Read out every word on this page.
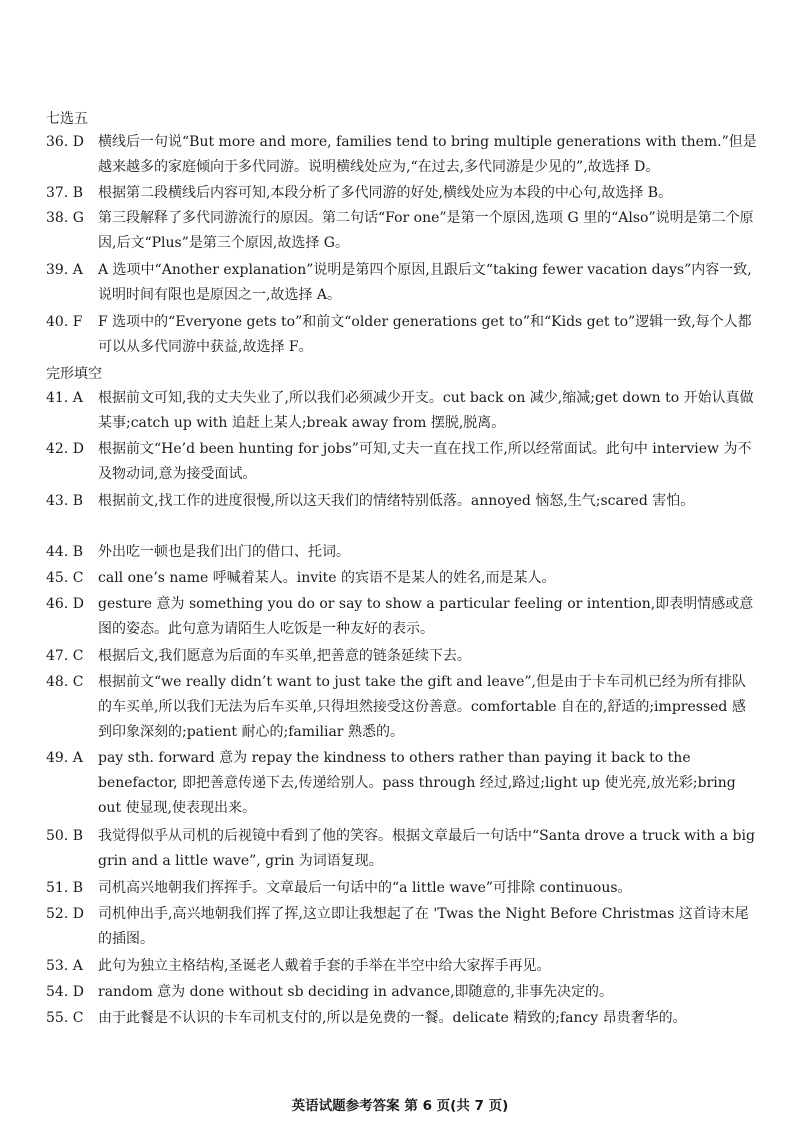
七选五
36. D	横线后一句说“But more and more, families tend to bring multiple generations with them.”但是越来越多的家庭倾向于多代同游。说明横线处应为,“在过去,多代同游是少见的”,故选择 D。
37. B	根据第二段横线后内容可知,本段分析了多代同游的好处,横线处应为本段的中心句,故选择 B。
38. G	第三段解释了多代同游流行的原因。第二句话“For one”是第一个原因,选项 G 里的“Also”说明是第二个原因,后文“Plus”是第三个原因,故选择 G。
39. A	A 选项中“Another explanation”说明是第四个原因,且跟后文“taking fewer vacation days”内容一致,说明时间有限也是原因之一,故选择 A。
40. F	F 选项中的“Everyone gets to”和前文“older generations get to”和“Kids get to”逻辑一致,每个人都可以从多代同游中获益,故选择 F。
完形填空
41. A	根据前文可知,我的丈夫失业了,所以我们必须减少开支。cut back on 减少,缩减;get down to 开始认真做某事;catch up with 追赶上某人;break away from 摆脱,脱离。
42. D	根据前文“He’d been hunting for jobs”可知,丈夫一直在找工作,所以经常面试。此句中 interview 为不及物动词,意为接受面试。
43. B	根据前文,找工作的进度很慢,所以这天我们的情绪特别低落。annoyed 恼怒,生气;scared 害怕。
44. B	外出吃一顿也是我们出门的借口、托词。
45. C	call one’s name 呼喊着某人。invite 的宾语不是某人的姓名,而是某人。
46. D	gesture 意为 something you do or say to show a particular feeling or intention,即表明情感或意图的姿态。此句意为请陌生人吃饭是一种友好的表示。
47. C	根据后文,我们愿意为后面的车买单,把善意的链条延续下去。
48. C	根据前文“we really didn’t want to just take the gift and leave”,但是由于卡车司机已经为所有排队的车买单,所以我们无法为后车买单,只得坦然接受这份善意。comfortable 自在的,舒适的;impressed 感到印象深刻的;patient 耐心的;familiar 熟悉的。
49. A	pay sth. forward 意为 repay the kindness to others rather than paying it back to the benefactor, 即把善意传递下去,传递给别人。pass through 经过,路过;light up 使光亮,放光彩;bring out 使显现,使表现出来。
50. B	我觉得似乎从司机的后视镜中看到了他的笑容。根据文章最后一句话中“Santa drove a truck with a big grin and a little wave”, grin 为词语复现。
51. B	司机高兴地朝我们挥挥手。文章最后一句话中的“a little wave”可排除 continuous。
52. D	司机伸出手,高兴地朝我们挥了挥,这立即让我想起了在 'Twas the Night Before Christmas 这首诗末尾的插图。
53. A	此句为独立主格结构,圣诞老人戴着手套的手举在半空中给大家挥手再见。
54. D	random 意为 done without sb deciding in advance,即随意的,非事先决定的。
55. C	由于此餐是不认识的卡车司机支付的,所以是免费的一餐。delicate 精致的;fancy 昂贵奢华的。
英语试题参考答案 第 6 页(共 7 页)
